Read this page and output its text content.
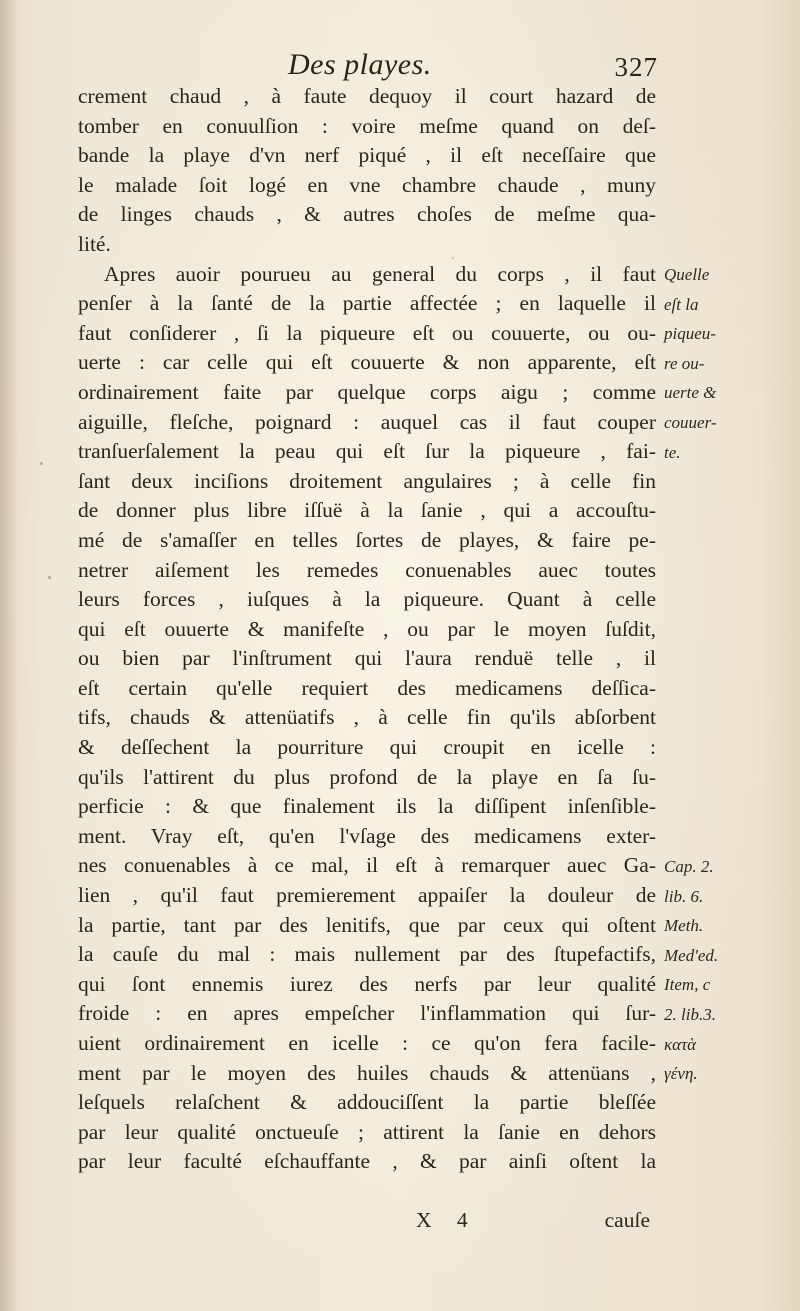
Des playes.	327
crement chaud , à faute dequoy il court hazard de
tomber en conuulſion : voire meſme quand on deſ-
bande la playe d'vn nerf piqué , il eſt neceſſaire que
le malade ſoit logé en vne chambre chaude , muny
de linges chauds , & autres choſes de meſme qua-
lité.
Apres auoir pourueu au general du corps , il faut
penſer à la ſanté de la partie affectée ; en laquelle il
faut conſiderer , ſi la piqueure eſt ou couuerte, ou ou-
uerte : car celle qui eſt couuerte & non apparente, eſt
ordinairement faite par quelque corps aigu ; comme
aiguille, fleſche, poignard : auquel cas il faut couper
tranſuerſalement la peau qui eſt ſur la piqueure , fai-
ſant deux inciſions droitement angulaires ; à celle fin
de donner plus libre iſſuë à la ſanie , qui a accouſtu-
mé de s'amaſſer en telles ſortes de playes, & faire pe-
netrer aiſement les remedes conuenables auec toutes
leurs forces , iuſques à la piqueure. Quant à celle
qui eſt ouuerte & manifeſte , ou par le moyen ſuſdit,
ou bien par l'inſtrument qui l'aura renduë telle , il
eſt certain qu'elle requiert des medicamens deſſica-
tifs, chauds & attenüatifs , à celle fin qu'ils abſorbent
& deſſechent la pourriture qui croupit en icelle :
qu'ils l'attirent du plus profond de la playe en ſa ſu-
perficie : & que finalement ils la diſſipent inſenſible-
ment. Vray eſt, qu'en l'vſage des medicamens exter-
nes conuenables à ce mal, il eſt à remarquer auec Ga-
lien , qu'il faut premierement appaiſer la douleur de
la partie, tant par des lenitifs, que par ceux qui oſtent
la cauſe du mal : mais nullement par des ſtupefactifs,
qui ſont ennemis iurez des nerfs par leur qualité
froide : en apres empeſcher l'inflammation qui ſur-
uient ordinairement en icelle : ce qu'on fera facile-
ment par le moyen des huiles chauds & attenüans ,
leſquels relaſchent & addouciſſent la partie bleſſée
par leur qualité onctueuſe ; attirent la ſanie en dehors
par leur faculté eſchauffante , & par ainſi oſtent la
Quelle
eſt la
piqueu-
re ou-
uerte &
couuer-
te.
Cap. 2.
lib. 6.
Meth.
Med'ed.
Item, c
2. lib.3.
κατὰ
γένη.
X 4	cauſe
